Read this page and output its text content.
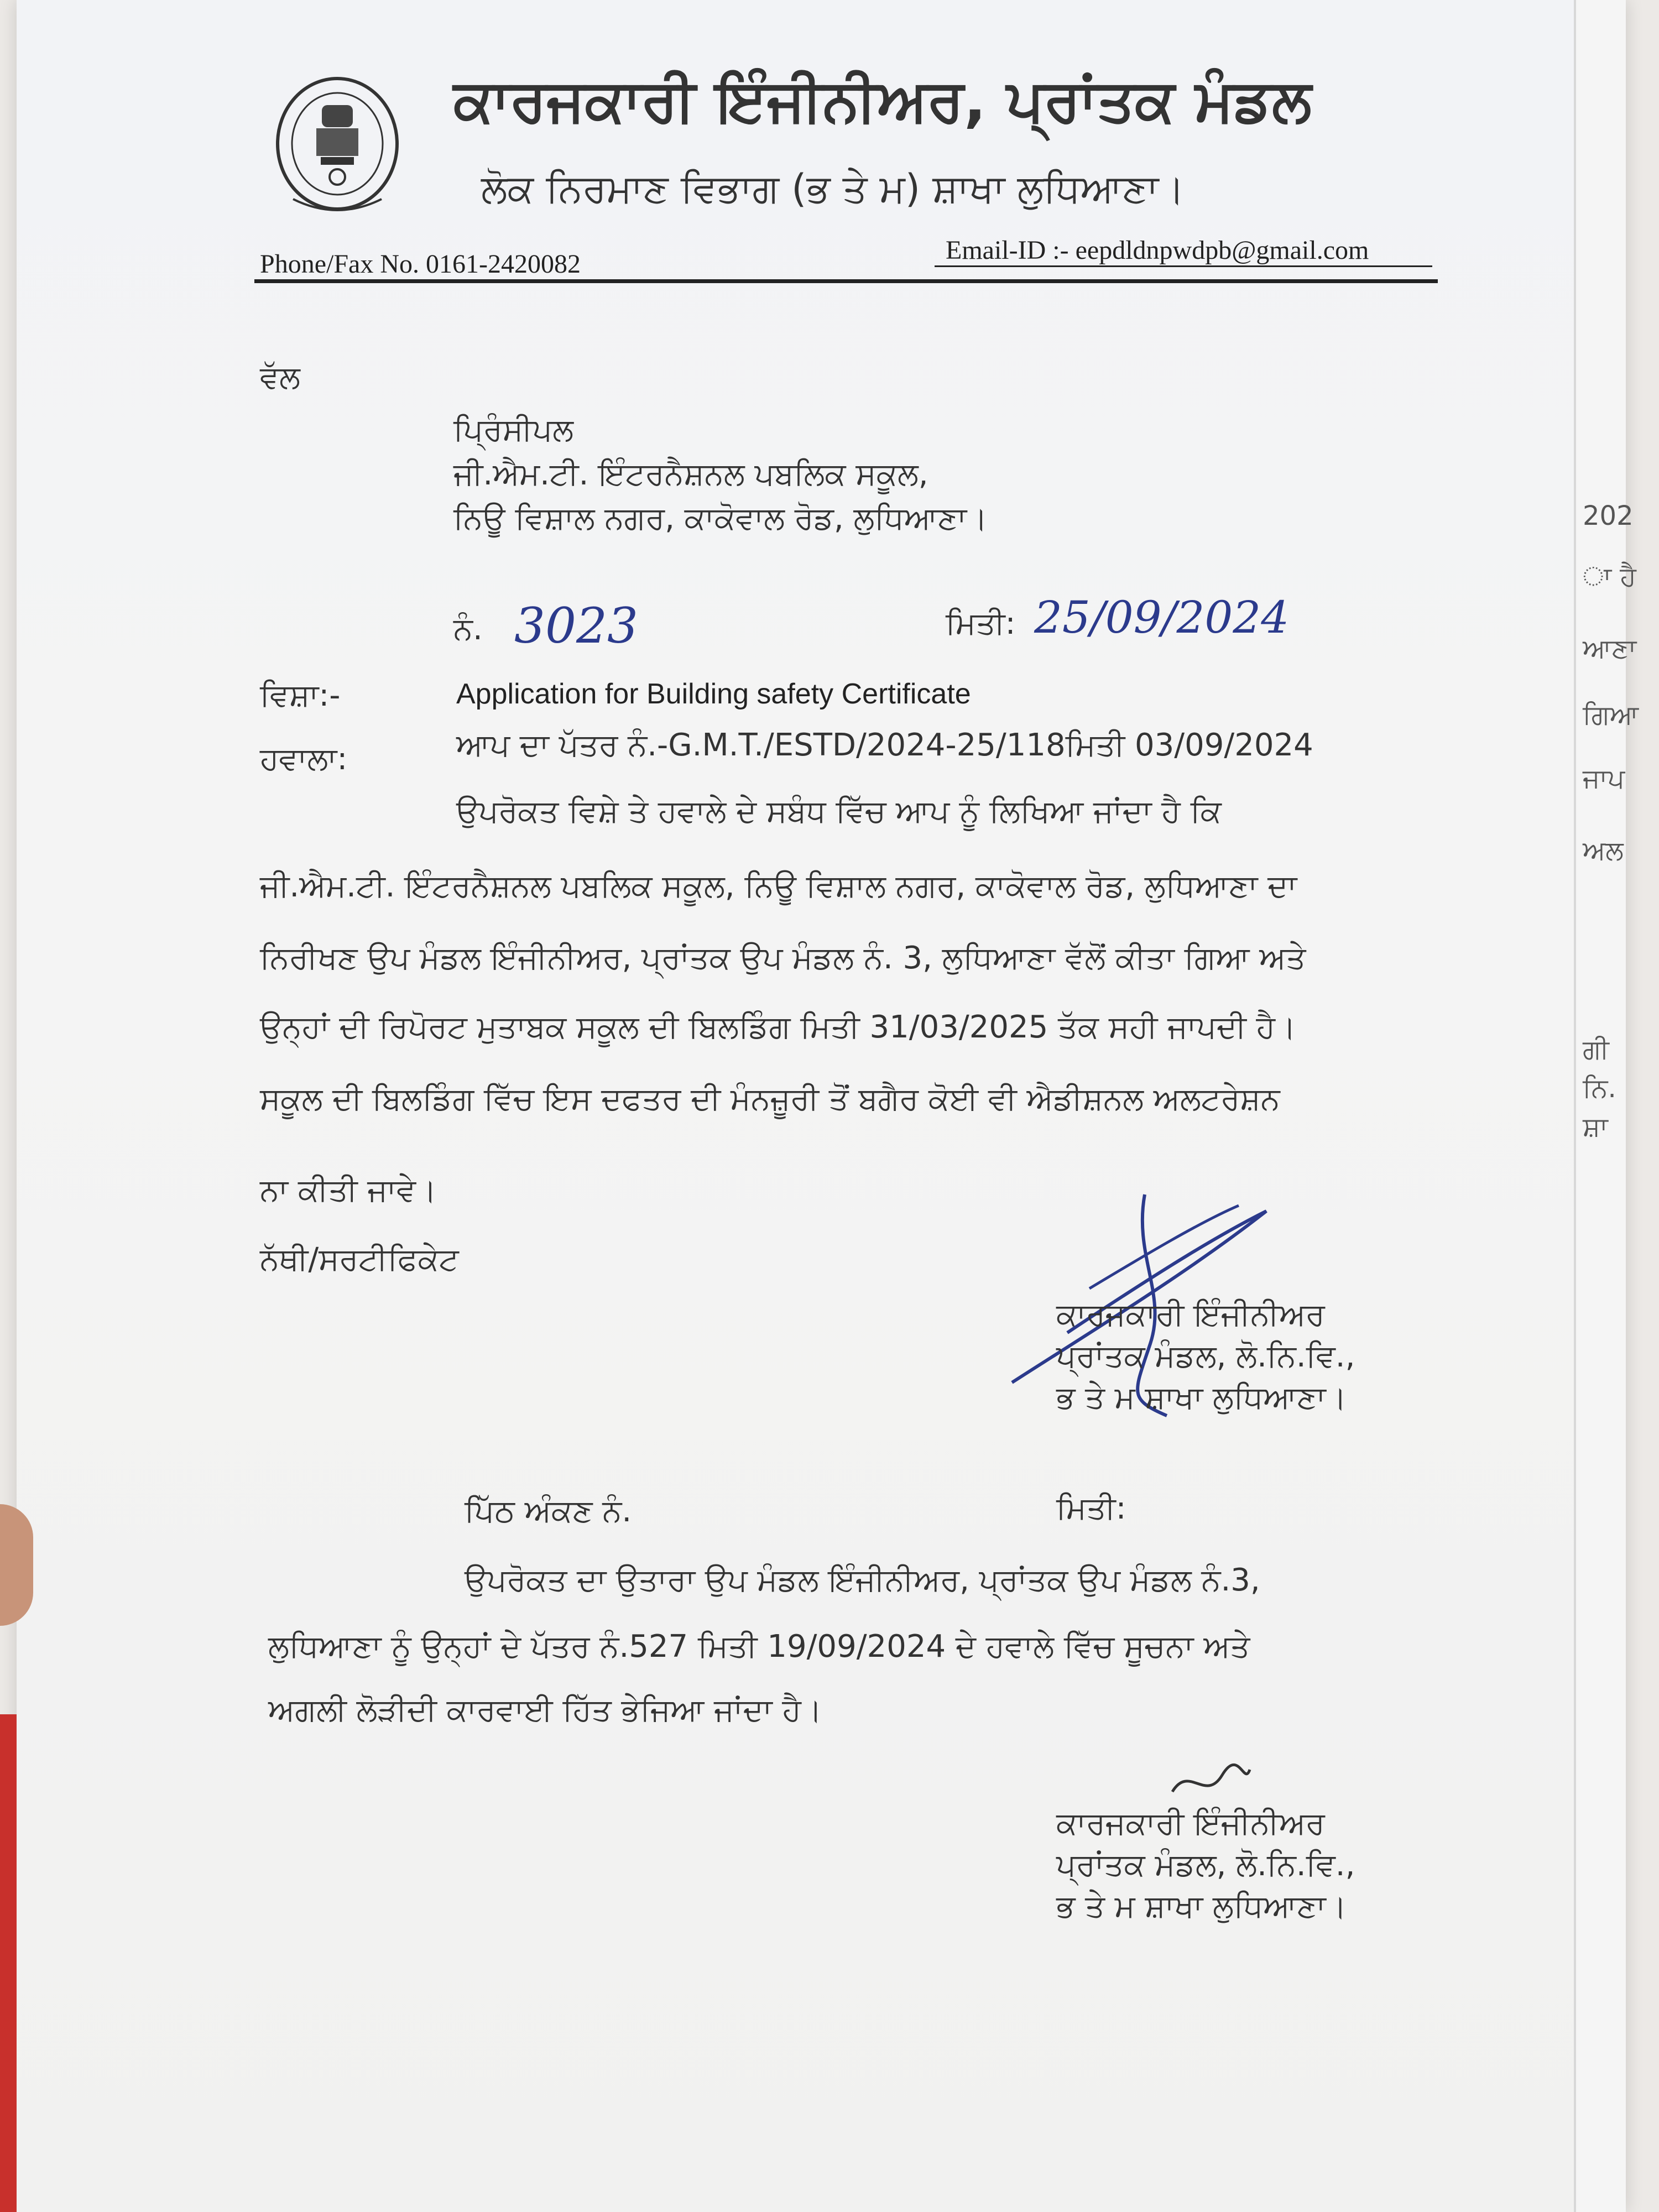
ਕਾਰਜਕਾਰੀ ਇੰਜੀਨੀਅਰ, ਪ੍ਰਾਂਤਕ ਮੰਡਲ
ਲੋਕ ਨਿਰਮਾਣ ਵਿਭਾਗ (ਭ ਤੇ ਮ) ਸ਼ਾਖਾ ਲੁਧਿਆਣਾ।
Phone/Fax No. 0161-2420082	Email-ID :- eepdldnpwdpb@gmail.com
ਵੱਲ
ਪ੍ਰਿੰਸੀਪਲ
ਜੀ.ਐਮ.ਟੀ. ਇੰਟਰਨੈਸ਼ਨਲ ਪਬਲਿਕ ਸਕੂਲ,
ਨਿਊ ਵਿਸ਼ਾਲ ਨਗਰ, ਕਾਕੋਵਾਲ ਰੋਡ, ਲੁਧਿਆਣਾ।
ਨੰ. 3023	ਮਿਤੀ: 25/09/2024
ਵਿਸ਼ਾ:-	Application for Building safety Certificate
ਹਵਾਲਾ:	ਆਪ ਦਾ ਪੱਤਰ ਨੰ.-G.M.T./ESTD/2024-25/118ਮਿਤੀ 03/09/2024
ਉਪਰੋਕਤ ਵਿਸ਼ੇ ਤੇ ਹਵਾਲੇ ਦੇ ਸਬੰਧ ਵਿੱਚ ਆਪ ਨੂੰ ਲਿਖਿਆ ਜਾਂਦਾ ਹੈ ਕਿ
ਜੀ.ਐਮ.ਟੀ. ਇੰਟਰਨੈਸ਼ਨਲ ਪਬਲਿਕ ਸਕੂਲ, ਨਿਊ ਵਿਸ਼ਾਲ ਨਗਰ, ਕਾਕੋਵਾਲ ਰੋਡ, ਲੁਧਿਆਣਾ ਦਾ
ਨਿਰੀਖਣ ਉਪ ਮੰਡਲ ਇੰਜੀਨੀਅਰ, ਪ੍ਰਾਂਤਕ ਉਪ ਮੰਡਲ ਨੰ. 3, ਲੁਧਿਆਣਾ ਵੱਲੋਂ ਕੀਤਾ ਗਿਆ ਅਤੇ
ਉਨ੍ਹਾਂ ਦੀ ਰਿਪੋਰਟ ਮੁਤਾਬਕ ਸਕੂਲ ਦੀ ਬਿਲਡਿੰਗ ਮਿਤੀ 31/03/2025 ਤੱਕ ਸਹੀ ਜਾਪਦੀ ਹੈ।
ਸਕੂਲ ਦੀ ਬਿਲਡਿੰਗ ਵਿੱਚ ਇਸ ਦਫਤਰ ਦੀ ਮੰਨਜ਼ੂਰੀ ਤੋਂ ਬਗੈਰ ਕੋਈ ਵੀ ਐਡੀਸ਼ਨਲ ਅਲਟਰੇਸ਼ਨ
ਨਾ ਕੀਤੀ ਜਾਵੇ।
ਨੱਥੀ/ਸਰਟੀਫਿਕੇਟ
ਕਾਰਜਕਾਰੀ ਇੰਜੀਨੀਅਰ
ਪ੍ਰਾਂਤਕ ਮੰਡਲ, ਲੋ.ਨਿ.ਵਿ.,
ਭ ਤੇ ਮ ਸ਼ਾਖਾ ਲੁਧਿਆਣਾ।
ਪਿੱਠ ਅੰਕਣ ਨੰ.	ਮਿਤੀ:
ਉਪਰੋਕਤ ਦਾ ਉਤਾਰਾ ਉਪ ਮੰਡਲ ਇੰਜੀਨੀਅਰ, ਪ੍ਰਾਂਤਕ ਉਪ ਮੰਡਲ ਨੰ.3,
ਲੁਧਿਆਣਾ ਨੂੰ ਉਨ੍ਹਾਂ ਦੇ ਪੱਤਰ ਨੰ.527 ਮਿਤੀ 19/09/2024 ਦੇ ਹਵਾਲੇ ਵਿੱਚ ਸੂਚਨਾ ਅਤੇ
ਅਗਲੀ ਲੋੜੀਦੀ ਕਾਰਵਾਈ ਹਿੱਤ ਭੇਜਿਆ ਜਾਂਦਾ ਹੈ।
ਕਾਰਜਕਾਰੀ ਇੰਜੀਨੀਅਰ
ਪ੍ਰਾਂਤਕ ਮੰਡਲ, ਲੋ.ਨਿ.ਵਿ.,
ਭ ਤੇ ਮ ਸ਼ਾਖਾ ਲੁਧਿਆਣਾ।
202
ਾ ਹੈ
ਆਣਾ
ਗਿਆ
ਜਾਪ
ਅਲ
ਗੀ
ਨਿ.
ਸ਼ਾ
